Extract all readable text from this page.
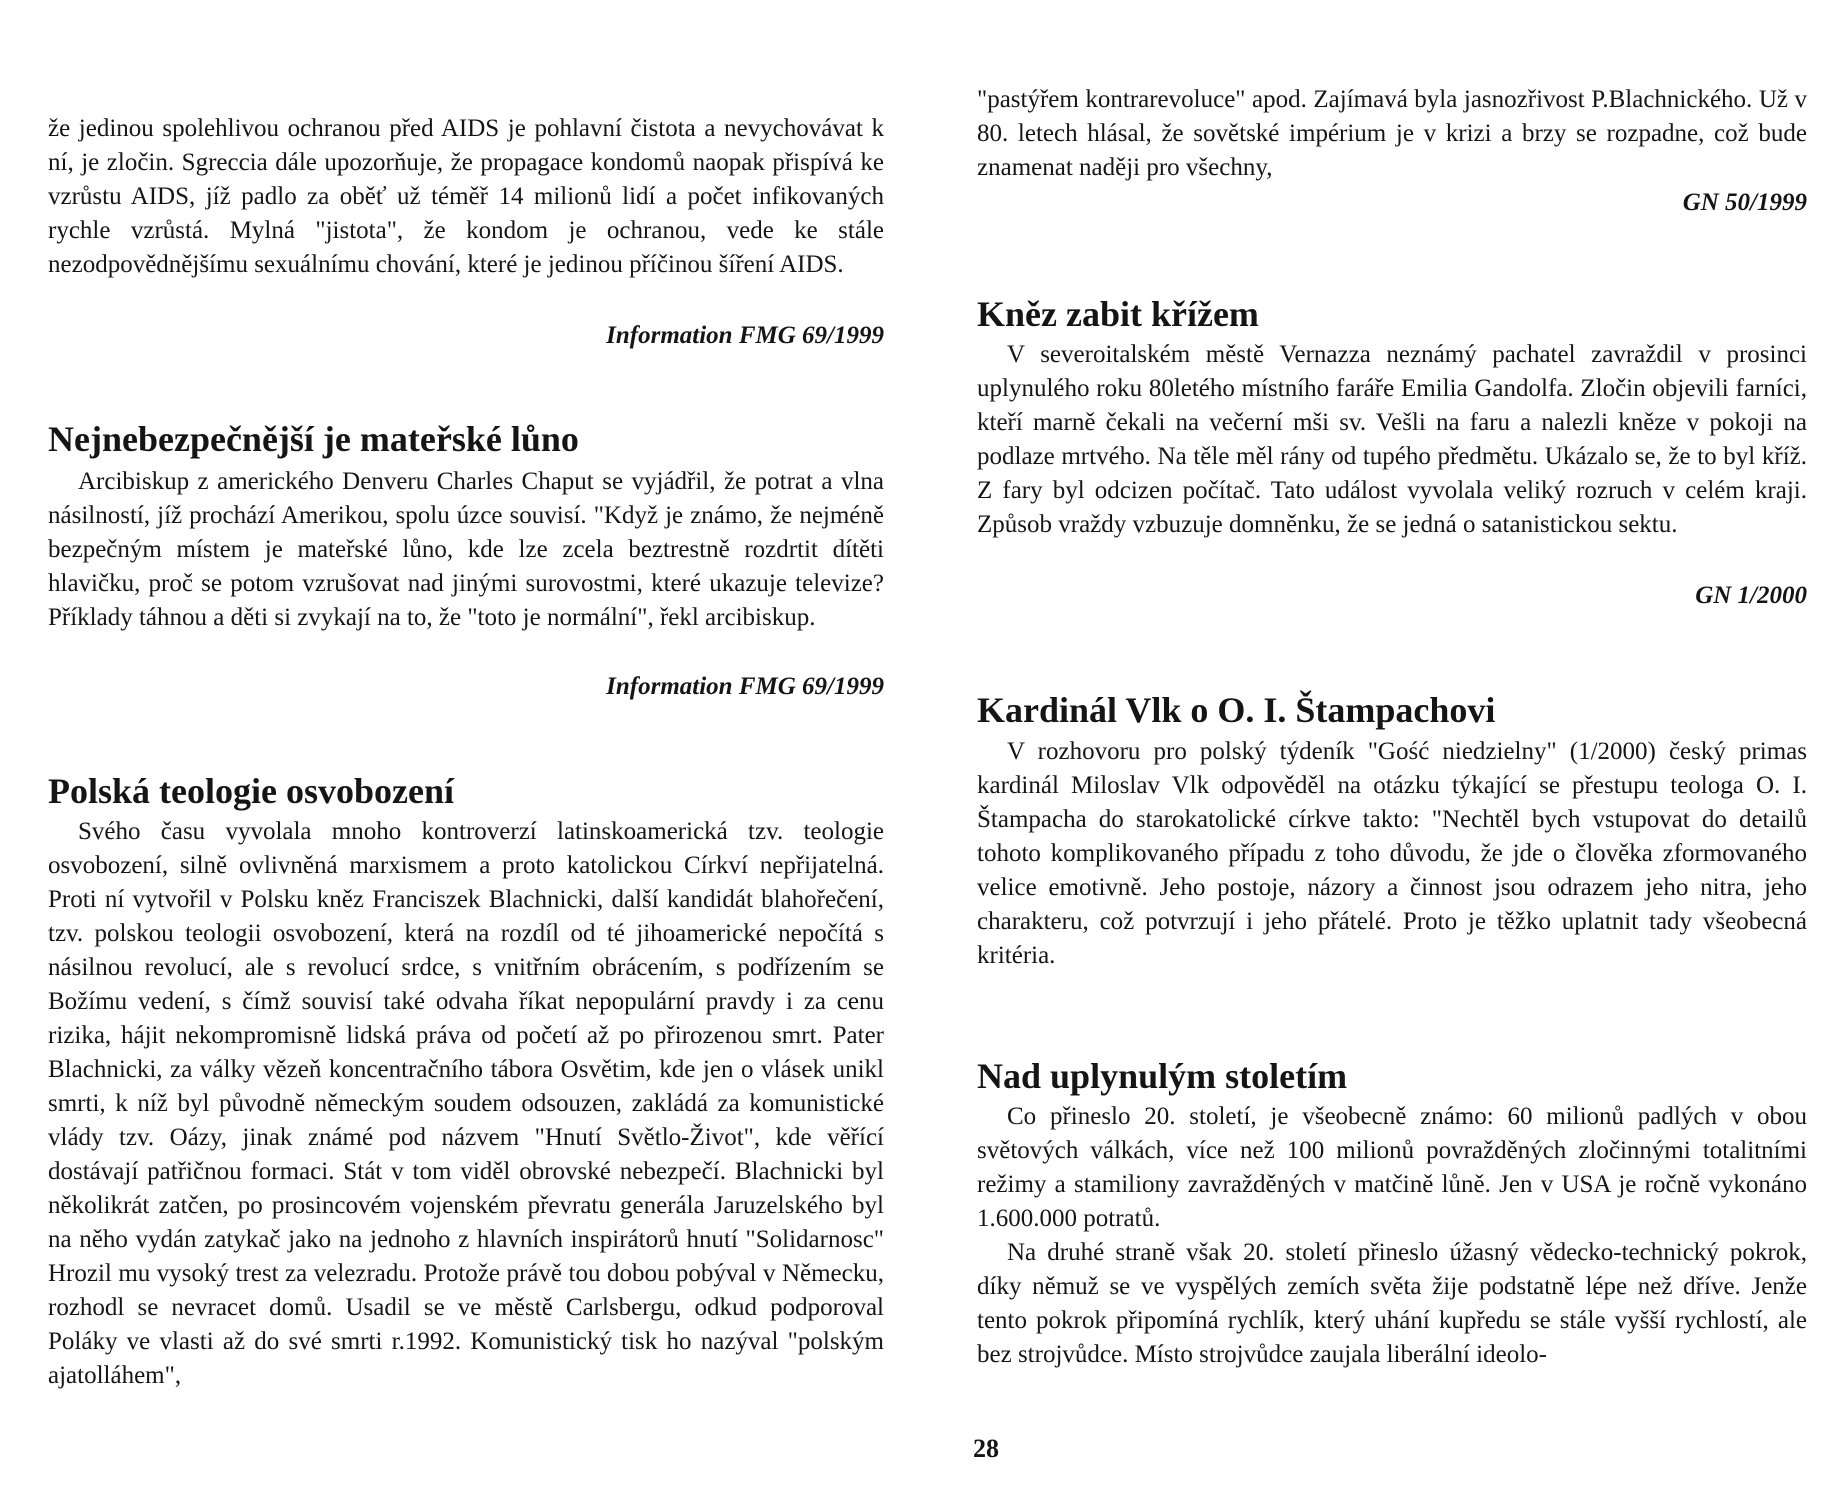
že jedinou spolehlivou ochranou před AIDS je pohlavní čistota a nevychovávat k ní, je zločin. Sgreccia dále upozorňuje, že propagace kondomů naopak přispívá ke vzrůstu AIDS, jíž padlo za oběť už téměř 14 milionů lidí a počet infikovaných rychle vzrůstá. Mylná "jistota", že kondom je ochranou, vede ke stále nezodpovědnějšímu sexuálnímu chování, které je jedinou příčinou šíření AIDS.

Information FMG 69/1999

Nejnebezpečnější je mateřské lůno

Arcibiskup z amerického Denveru Charles Chaput se vyjádřil, že potrat a vlna násilností, jíž prochází Amerikou, spolu úzce souvisí. "Když je známo, že nejméně bezpečným místem je mateřské lůno, kde lze zcela beztrestně rozdrtit dítěti hlavičku, proč se potom vzrušovat nad jinými surovostmi, které ukazuje televize? Příklady táhnou a děti si zvykají na to, že "toto je normální", řekl arcibiskup.

Information FMG 69/1999

Polská teologie osvobození

Svého času vyvolala mnoho kontroverzí latinskoamerická tzv. teologie osvobození, silně ovlivněná marxismem a proto katolickou Církví nepřijatelná. Proti ní vytvořil v Polsku kněz Franciszek Blachnicki, další kandidát blahořečení, tzv. polskou teologii osvobození, která na rozdíl od té jihoamerické nepočítá s násilnou revolucí, ale s revolucí srdce, s vnitřním obrácením, s podřízením se Božímu vedení, s čímž souvisí také odvaha říkat nepopulární pravdy i za cenu rizika, hájit nekompromisně lidská práva od početí až po přirozenou smrt. Pater Blachnicki, za války vězeň koncentračního tábora Osvětim, kde jen o vlásek unikl smrti, k níž byl původně německým soudem odsouzen, zakládá za komunistické vlády tzv. Oázy, jinak známé pod názvem "Hnutí Světlo-Život", kde věřící dostávají patřičnou formaci. Stát v tom viděl obrovské nebezpečí. Blachnicki byl několikrát zatčen, po prosincovém vojenském převratu generála Jaruzelského byl na něho vydán zatykač jako na jednoho z hlavních inspirátorů hnutí "Solidarnosc" Hrozil mu vysoký trest za velezradu. Protože právě tou dobou pobýval v Německu, rozhodl se nevracet domů. Usadil se ve městě Carlsbergu, odkud podporoval Poláky ve vlasti až do své smrti r.1992. Komunistický tisk ho nazýval "polským ajatolláhem",

"pastýřem kontrarevoluce" apod. Zajímavá byla jasnozřivost P.Blachnického. Už v 80. letech hlásal, že sovětské impérium je v krizi a brzy se rozpadne, což bude znamenat naději pro všechny,

GN 50/1999

Kněz zabit křížem

V severoitalském městě Vernazza neznámý pachatel zavraždil v prosinci uplynulého roku 80letého místního faráře Emilia Gandolfa. Zločin objevili farníci, kteří marně čekali na večerní mši sv. Vešli na faru a nalezli kněze v pokoji na podlaze mrtvého. Na těle měl rány od tupého předmětu. Ukázalo se, že to byl kříž. Z fary byl odcizen počítač. Tato událost vyvolala veliký rozruch v celém kraji. Způsob vraždy vzbuzuje domněnku, že se jedná o satanistickou sektu.

GN 1/2000

Kardinál Vlk o O. I. Štampachovi

V rozhovoru pro polský týdeník "Gość niedzielny" (1/2000) český primas kardinál Miloslav Vlk odpověděl na otázku týkající se přestupu teologa O. I. Štampacha do starokatolické církve takto: "Nechtěl bych vstupovat do detailů tohoto komplikovaného případu z toho důvodu, že jde o člověka zformovaného velice emotivně. Jeho postoje, názory a činnost jsou odrazem jeho nitra, jeho charakteru, což potvrzují i jeho přátelé. Proto je těžko uplatnit tady všeobecná kritéria.

Nad uplynulým stoletím

Co přineslo 20. století, je všeobecně známo: 60 milionů padlých v obou světových válkách, více než 100 milionů povražděných zločinnými totalitními režimy a stamiliony zavražděných v matčině lůně. Jen v USA je ročně vykonáno 1.600.000 potratů.

Na druhé straně však 20. století přineslo úžasný vědecko-technický pokrok, díky němuž se ve vyspělých zemích světa žije podstatně lépe než dříve. Jenže tento pokrok připomíná rychlík, který uhání kupředu se stále vyšší rychlostí, ale bez strojvůdce. Místo strojvůdce zaujala liberální ideolo-

28
